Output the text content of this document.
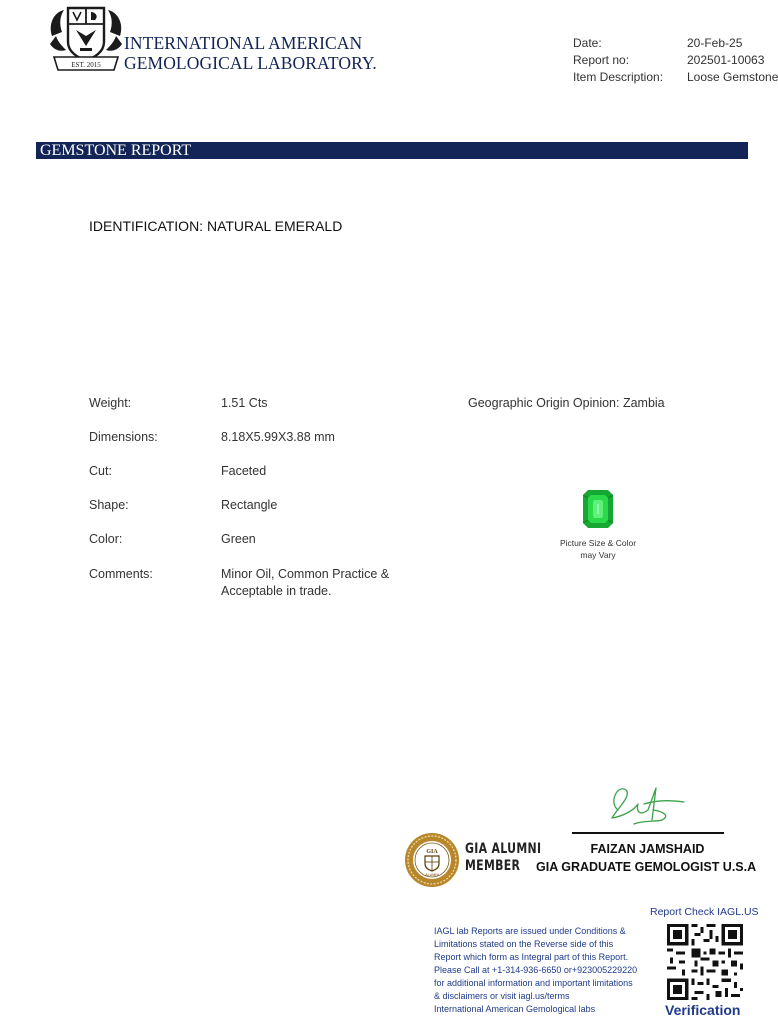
EST. 2015
INTERNATIONAL AMERICAN
GEMOLOGICAL LABORATORY.
Date:	20-Feb-25
Report no:	202501-10063
Item Description: Loose Gemstone
GEMSTONE REPORT
IDENTIFICATION: NATURAL EMERALD
Weight:	1.51 Cts
Dimensions:	8.18X5.99X3.88 mm
Cut:	Faceted
Shape:	Rectangle
Color:	Green
Comments:	Minor Oil, Common Practice &
Acceptable in trade.
Geographic Origin Opinion: Zambia
Picture Size & Color
may Vary
FAIZAN JAMSHAID
GIA GRADUATE GEMOLOGIST U.S.A
GIA
ALUMNI
GIA ALUMNI
MEMBER
IAGL lab Reports are issued under Conditions &
Limitations stated on the Reverse side of this
Report which form as Integral part of this Report.
Please Call at +1-314-936-6650 or+923005229220
for additional information and important limitations
& disclaimers or visit iagl.us/terms
International American Gemological labs
Report Check IAGL.US
Verification
